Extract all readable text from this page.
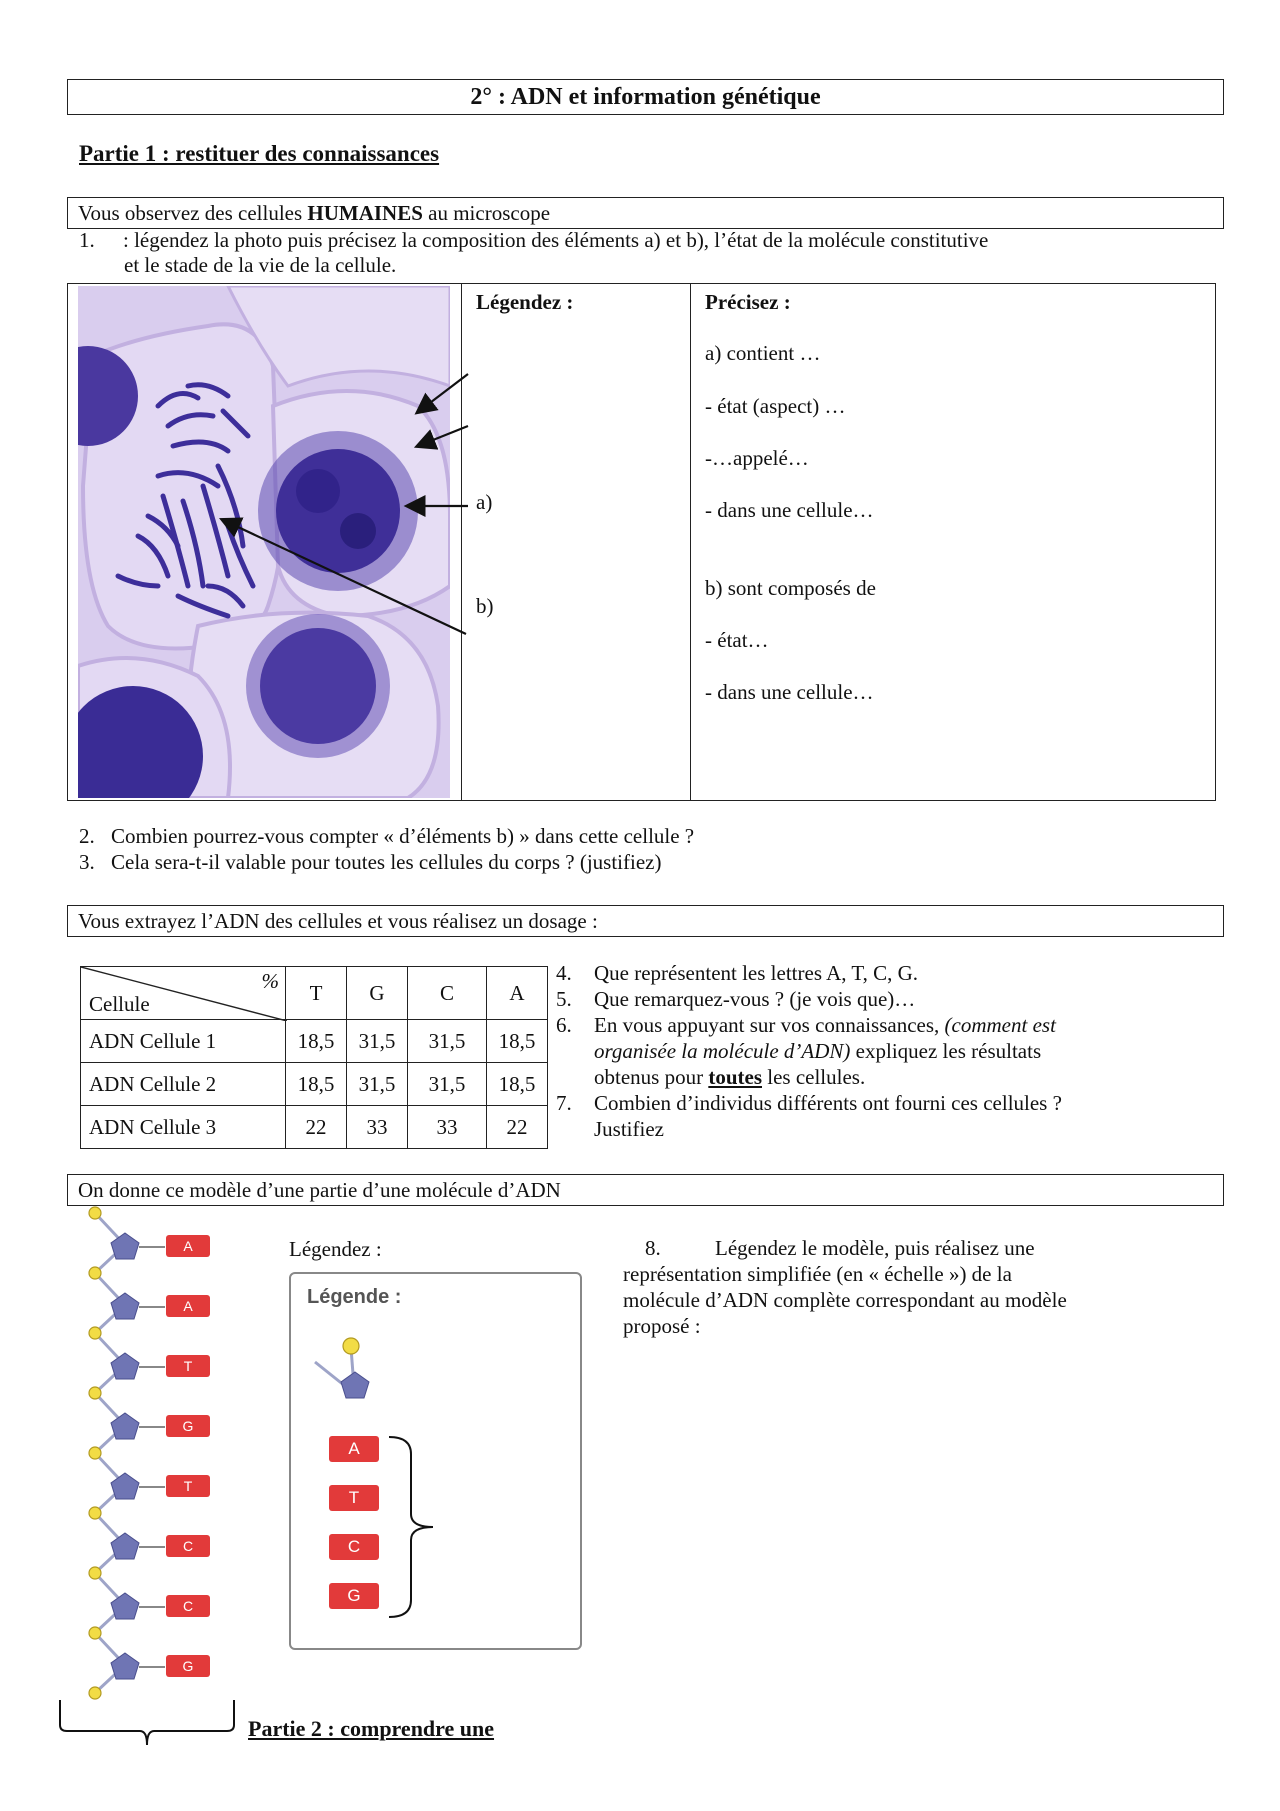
2° : ADN et information génétique
Partie 1 : restituer des connaissances
Vous observez des cellules HUMAINES au microscope
1. : légendez la photo puis précisez la composition des éléments a) et b), l’état de la molécule constitutive
et le stade de la vie de la cellule.
Légendez :
a)
b)
Précisez :
a) contient …
- état (aspect) …
-…appelé…
- dans une cellule…
b) sont composés de
- état…
- dans une cellule…
2. Combien pourrez-vous compter « d’éléments b) » dans cette cellule ?
3. Cela sera-t-il valable pour toutes les cellules du corps ? (justifiez)
Vous extrayez l’ADN des cellules et vous réalisez un dosage :
%
Cellule	T	G	C	A
ADN Cellule 1	18,5	31,5	31,5	18,5
ADN Cellule 2	18,5	31,5	31,5	18,5
ADN Cellule 3	22	33	33	22
4. Que représentent les lettres A, T, C, G.
5. Que remarquez-vous ? (je vois que)…
6. En vous appuyant sur vos connaissances, (comment est
organisée la molécule d’ADN) expliquez les résultats
obtenus pour toutes les cellules.
7. Combien d’individus différents ont fourni ces cellules ?
Justifiez
On donne ce modèle d’une partie d’une molécule d’ADN
A
A
T
G
T
C
C
G
Légendez :
Légende :
A
T
C
G
8.	Légendez le modèle, puis réalisez une
représentation simplifiée (en « échelle ») de la
molécule d’ADN complète correspondant au modèle
proposé :
Partie 2 : comprendre une
